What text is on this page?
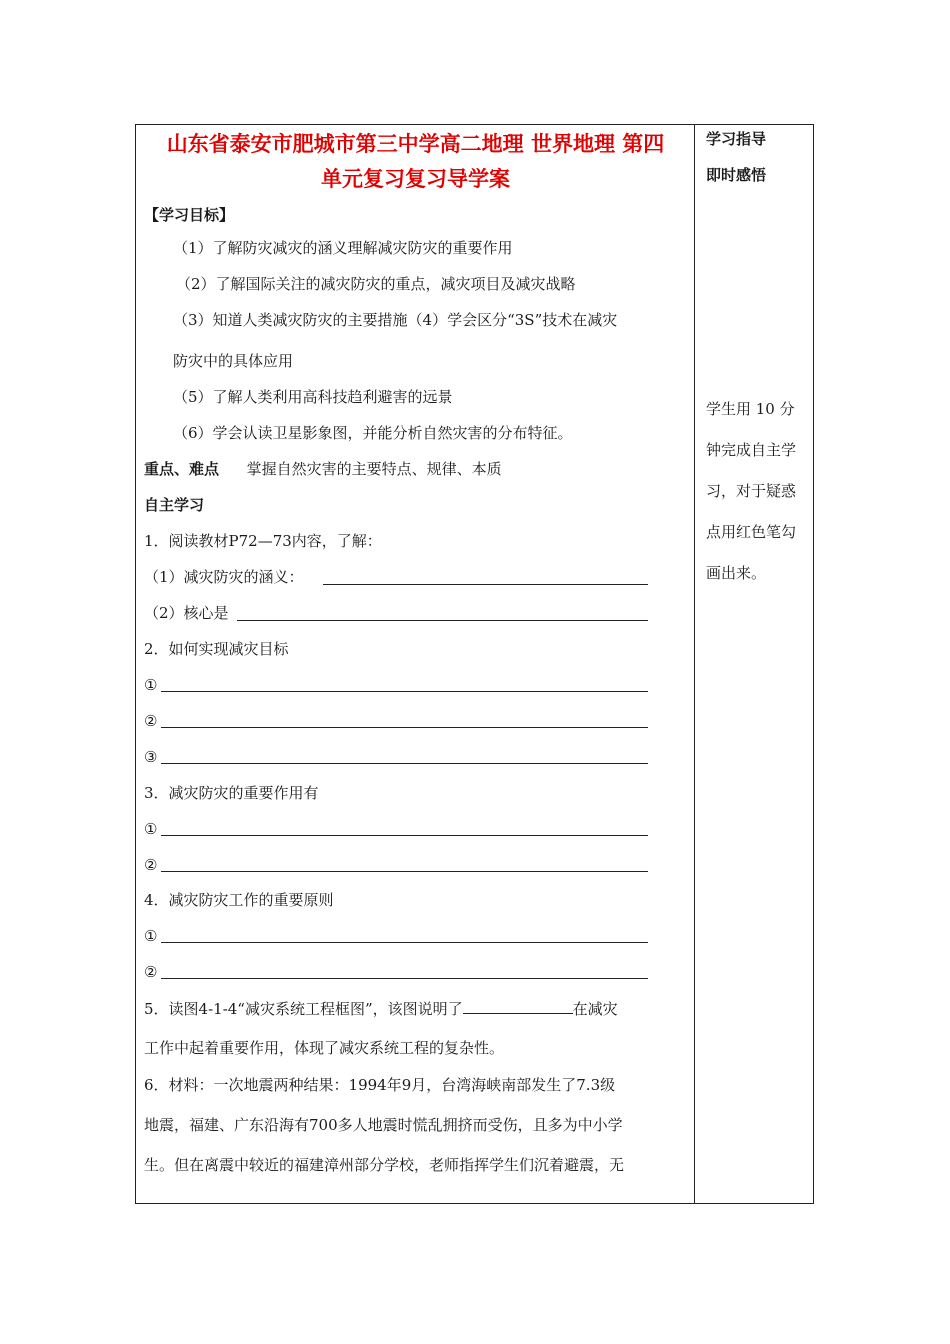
山东省泰安市肥城市第三中学高二地理 世界地理 第四
单元复习复习导学案
【学习目标】
（1）了解防灾减灾的涵义理解减灾防灾的重要作用
（2）了解国际关注的减灾防灾的重点，减灾项目及减灾战略
（3）知道人类减灾防灾的主要措施（4）学会区分“3S”技术在减灾
防灾中的具体应用
（5）了解人类利用高科技趋利避害的远景
（6）学会认读卫星影象图，并能分析自然灾害的分布特征。
重点、难点 掌握自然灾害的主要特点、规律、本质
自主学习
1．阅读教材P72—73内容，了解：
（1）减灾防灾的涵义：
（2）核心是
2．如何实现减灾目标
①
②
③
3．减灾防灾的重要作用有
①
②
4．减灾防灾工作的重要原则
①
②
5．读图4-1-4“减灾系统工程框图”，该图说明了	在减灾
工作中起着重要作用，体现了减灾系统工程的复杂性。
6．材料：一次地震两种结果：1994年9月，台湾海峡南部发生了7.3级
地震，福建、广东沿海有700多人地震时慌乱拥挤而受伤，且多为中小学
生。但在离震中较近的福建漳州部分学校，老师指挥学生们沉着避震，无
学习指导
即时感悟
学生用 10 分
钟完成自主学
习，对于疑惑
点用红色笔勾
画出来。
